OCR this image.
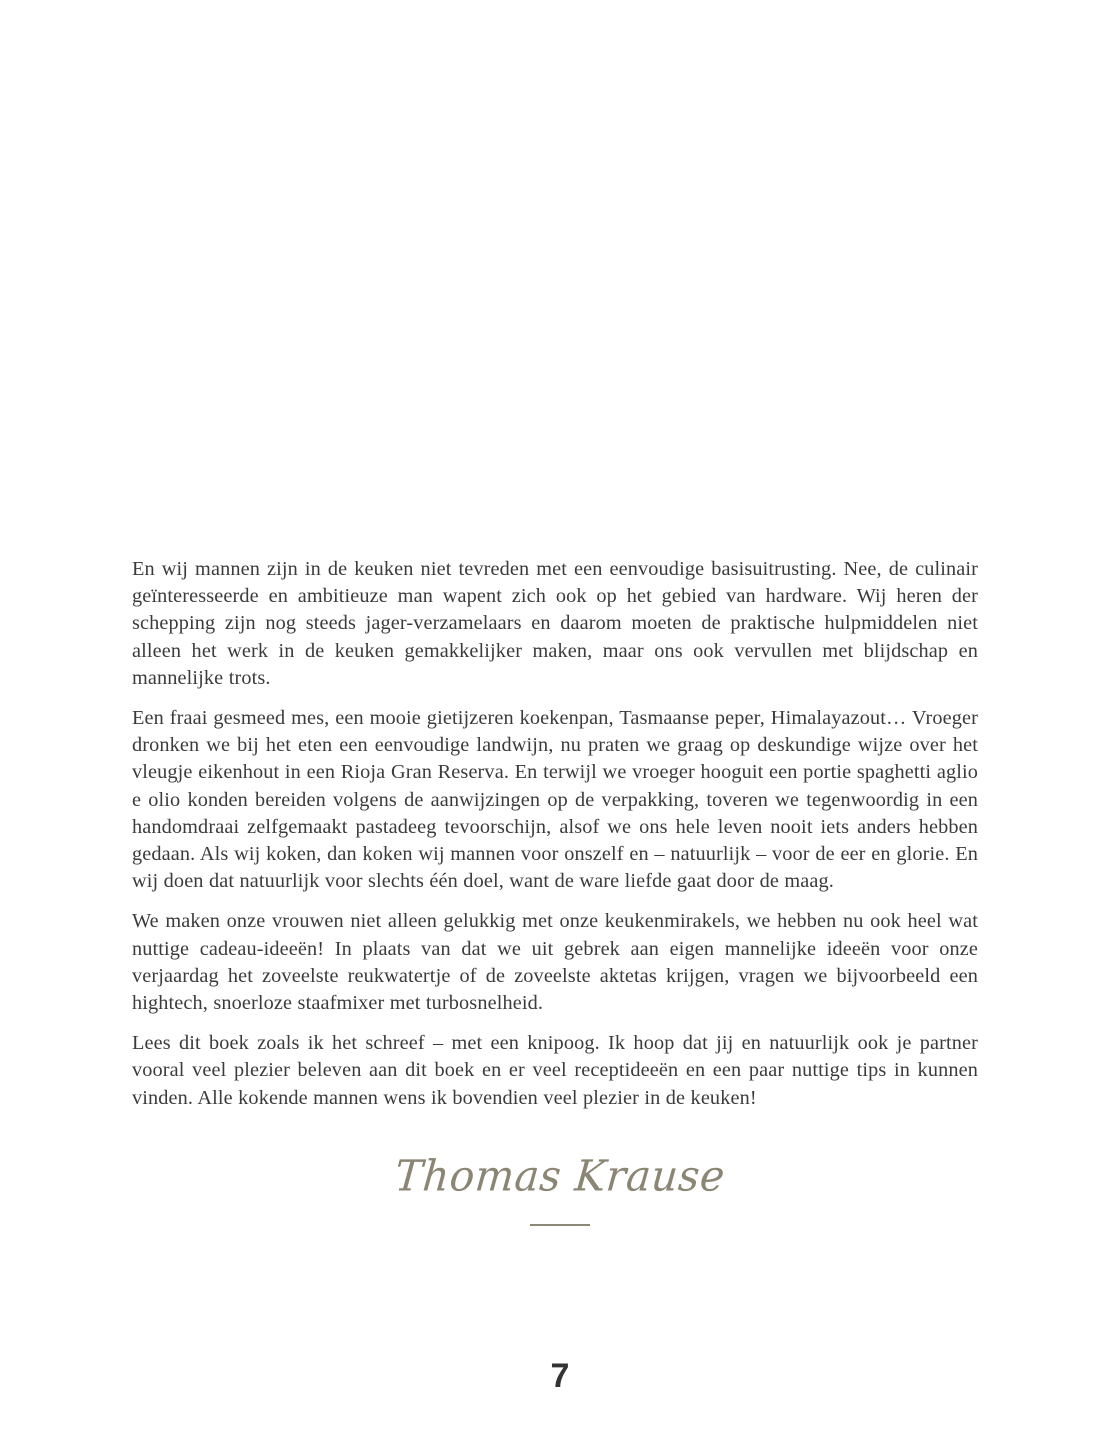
En wij mannen zijn in de keuken niet tevreden met een eenvoudige basisuitrusting. Nee, de culinair geïnteresseerde en ambitieuze man wapent zich ook op het gebied van hardware. Wij heren der schepping zijn nog steeds jager-verzamelaars en daarom moeten de praktische hulpmiddelen niet alleen het werk in de keuken gemakkelijker maken, maar ons ook vervullen met blijdschap en mannelijke trots.

Een fraai gesmeed mes, een mooie gietijzeren koekenpan, Tasmaanse peper, Himalayazout… Vroeger dronken we bij het eten een eenvoudige landwijn, nu praten we graag op deskundige wijze over het vleugje eikenhout in een Rioja Gran Reserva. En terwijl we vroeger hooguit een portie spaghetti aglio e olio konden bereiden volgens de aanwijzingen op de verpakking, toveren we tegenwoordig in een handomdraai zelfgemaakt pastadeeg tevoorschijn, alsof we ons hele leven nooit iets anders hebben gedaan. Als wij koken, dan koken wij mannen voor onszelf en – natuurlijk – voor de eer en glorie. En wij doen dat natuurlijk voor slechts één doel, want de ware liefde gaat door de maag.

We maken onze vrouwen niet alleen gelukkig met onze keukenmirakels, we hebben nu ook heel wat nuttige cadeau-ideeën! In plaats van dat we uit gebrek aan eigen mannelijke ideeën voor onze verjaardag het zoveelste reukwatertje of de zoveelste aktetas krijgen, vragen we bijvoorbeeld een hightech, snoerloze staafmixer met turbosnelheid.

Lees dit boek zoals ik het schreef – met een knipoog. Ik hoop dat jij en natuurlijk ook je partner vooral veel plezier beleven aan dit boek en er veel receptideeën en een paar nuttige tips in kunnen vinden. Alle kokende mannen wens ik bovendien veel plezier in de keuken!

Thomas Krause
7
